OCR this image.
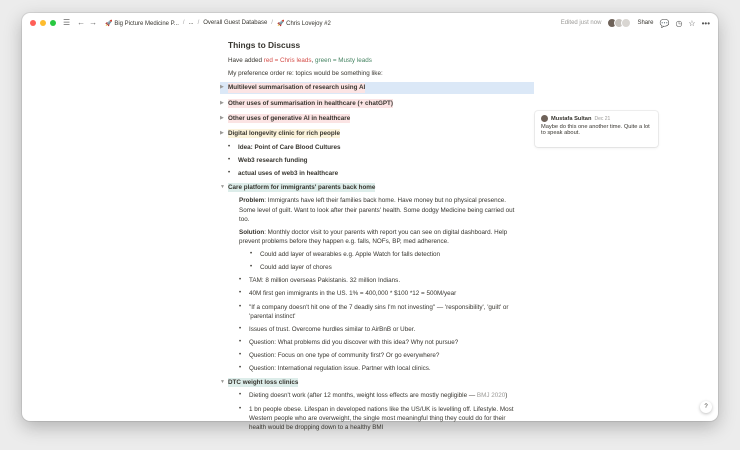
☰ ← → 🚀 Big Picture Medicine P... / ... / Overall Guest Database / 🚀 Chris Lovejoy #2	Edited just now	Share 💬 ◷ ☆ •••
Things to Discuss
Have added red = Chris leads, green = Musty leads
My preference order re: topics would be something like:
▶ Multilevel summarisation of research using AI
▶ Other uses of summarisation in healthcare (+ chatGPT)
▶ Other uses of generative AI in healthcare
▶ Digital longevity clinic for rich people
•	Idea: Point of Care Blood Cultures
•	Web3 research funding
•	actual uses of web3 in healthcare
▼ Care platform for immigrants' parents back home
Problem: Immigrants have left their families back home. Have money but no physical presence. Some level of guilt. Want to look after their parents' health. Some dodgy Medicine being carried out too.
Solution: Monthly doctor visit to your parents with report you can see on digital dashboard. Help prevent problems before they happen e.g. falls, NOFs, BP, med adherence.
•	Could add layer of wearables e.g. Apple Watch for falls detection
•	Could add layer of chores
•	TAM: 8 million overseas Pakistanis. 32 million Indians.
•	40M first gen immigrants in the US. 1% = 400,000 * $100 *12 = 500M/year
•	"If a company doesn't hit one of the 7 deadly sins I'm not investing" — 'responsibility', 'guilt' or 'parental instinct'
•	Issues of trust. Overcome hurdles similar to AirBnB or Uber.
•	Question: What problems did you discover with this idea? Why not pursue?
•	Question: Focus on one type of community first? Or go everywhere?
•	Question: International regulation issue. Partner with local clinics.
▼ DTC weight loss clinics
•	Dieting doesn't work (after 12 months, weight loss effects are mostly negligible — BMJ 2020)
•	1 bn people obese. Lifespan in developed nations like the US/UK is levelling off. Lifestyle. Most Western people who are overweight, the single most meaningful thing they could do for their health would be dropping down to a healthy BMI
Mustafa Sultan Dec 21
Maybe do this one another time. Quite a lot to speak about.
?
